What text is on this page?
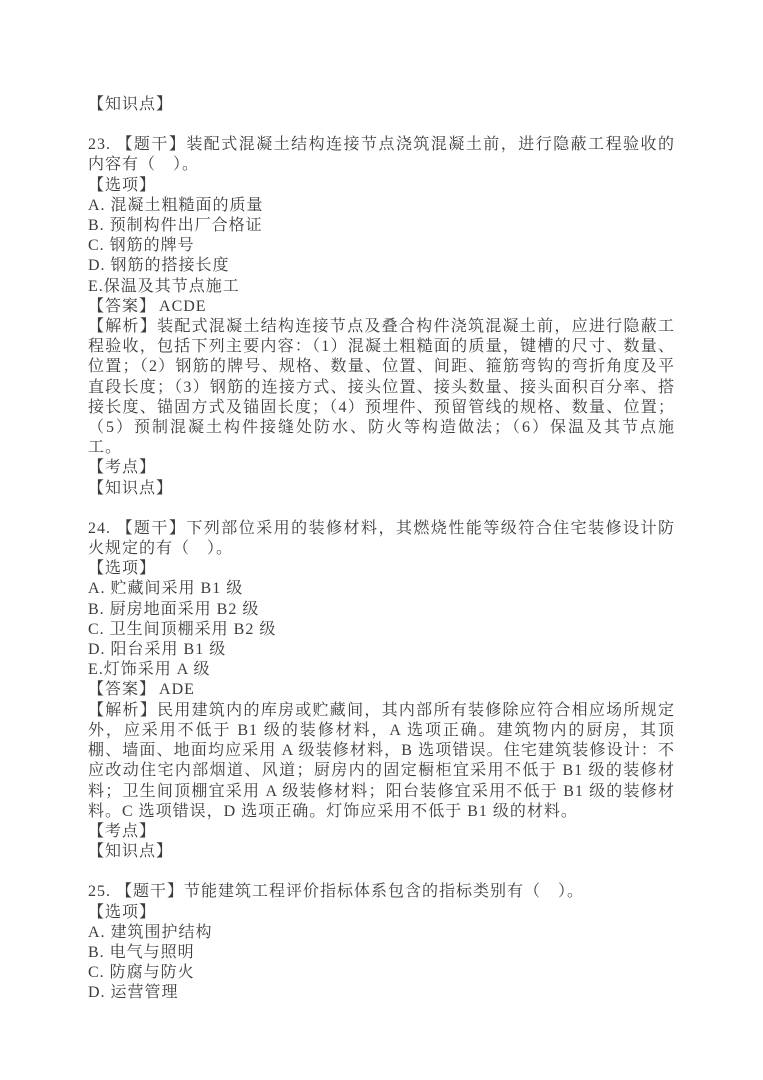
【知识点】

23. 【题干】装配式混凝土结构连接节点浇筑混凝土前，进行隐蔽工程验收的内容有（　）。

【选项】

A. 混凝土粗糙面的质量

B. 预制构件出厂合格证

C. 钢筋的牌号

D. 钢筋的搭接长度

E.保温及其节点施工

【答案】 ACDE

【解析】装配式混凝土结构连接节点及叠合构件浇筑混凝土前，应进行隐蔽工程验收，包括下列主要内容：（1）混凝土粗糙面的质量，键槽的尺寸、数量、位置；（2）钢筋的牌号、规格、数量、位置、间距、箍筋弯钩的弯折角度及平直段长度；（3）钢筋的连接方式、接头位置、接头数量、接头面积百分率、搭接长度、锚固方式及锚固长度；（4）预埋件、预留管线的规格、数量、位置；（5）预制混凝土构件接缝处防水、防火等构造做法；（6）保温及其节点施工。

【考点】

【知识点】

24. 【题干】下列部位采用的装修材料，其燃烧性能等级符合住宅装修设计防火规定的有（　）。

【选项】

A. 贮藏间采用 B1 级

B. 厨房地面采用 B2 级

C. 卫生间顶棚采用 B2 级

D. 阳台采用 B1 级

E.灯饰采用 A 级

【答案】 ADE

【解析】民用建筑内的库房或贮藏间，其内部所有装修除应符合相应场所规定外，应采用不低于 B1 级的装修材料，A 选项正确。建筑物内的厨房，其顶棚、墙面、地面均应采用 A 级装修材料，B 选项错误。住宅建筑装修设计：不应改动住宅内部烟道、风道；厨房内的固定橱柜宜采用不低于 B1 级的装修材料；卫生间顶棚宜采用 A 级装修材料；阳台装修宜采用不低于 B1 级的装修材料。C 选项错误，D 选项正确。灯饰应采用不低于 B1 级的材料。

【考点】

【知识点】

25. 【题干】节能建筑工程评价指标体系包含的指标类别有（　）。

【选项】

A. 建筑围护结构

B. 电气与照明

C. 防腐与防火

D. 运营管理
